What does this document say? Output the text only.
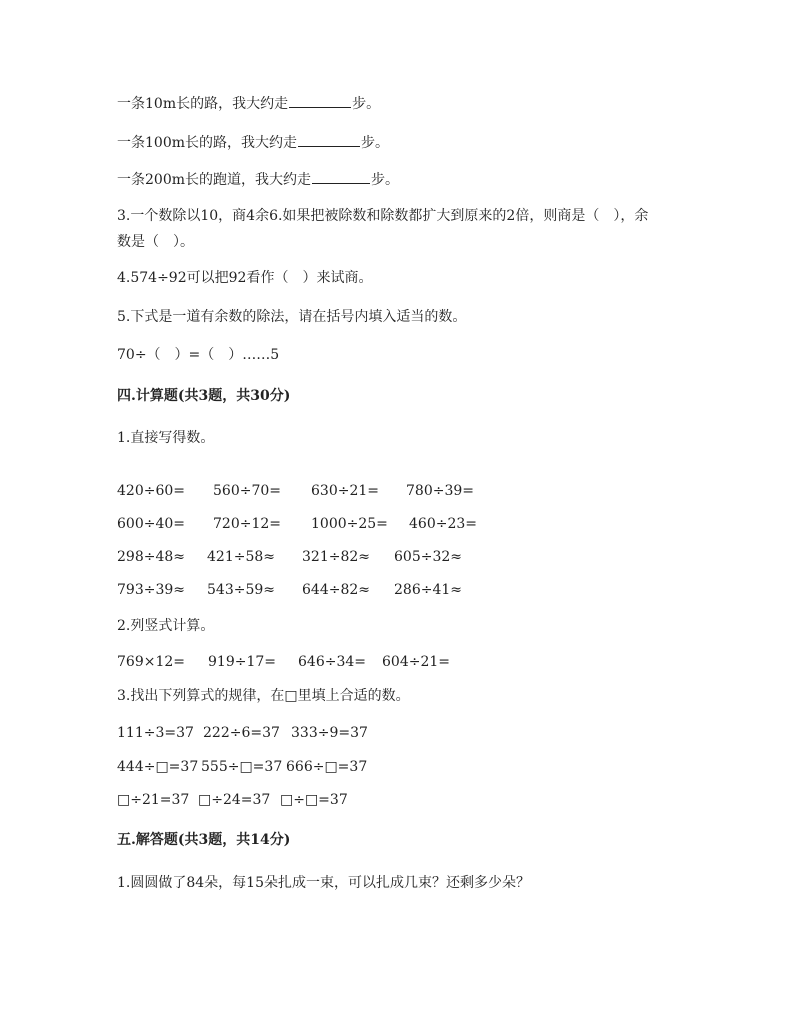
一条10m长的路，我大约走	步。
一条100m长的路，我大约走	步。
一条200m长的跑道，我大约走	步。
3.一个数除以10，商4余6.如果把被除数和除数都扩大到原来的2倍，则商是（　），余数是（　）。
4.574÷92可以把92看作（　）来试商。
5.下式是一道有余数的除法，请在括号内填入适当的数。
70÷（　）=（　）……5
四.计算题(共3题，共30分)
1.直接写得数。
420÷60= 560÷70= 630÷21= 780÷39=
600÷40= 720÷12= 1000÷25= 460÷23=
298÷48≈ 421÷58≈ 321÷82≈ 605÷32≈
793÷39≈ 543÷59≈ 644÷82≈ 286÷41≈
2.列竖式计算。
769×12= 919÷17= 646÷34= 604÷21=
3.找出下列算式的规律，在□里填上合适的数。
111÷3=37 222÷6=37 333÷9=37
444÷□=37 555÷□=37 666÷□=37
□÷21=37 □÷24=37 □÷□=37
五.解答题(共3题，共14分)
1.圆圆做了84朵，每15朵扎成一束，可以扎成几束？还剩多少朵？
